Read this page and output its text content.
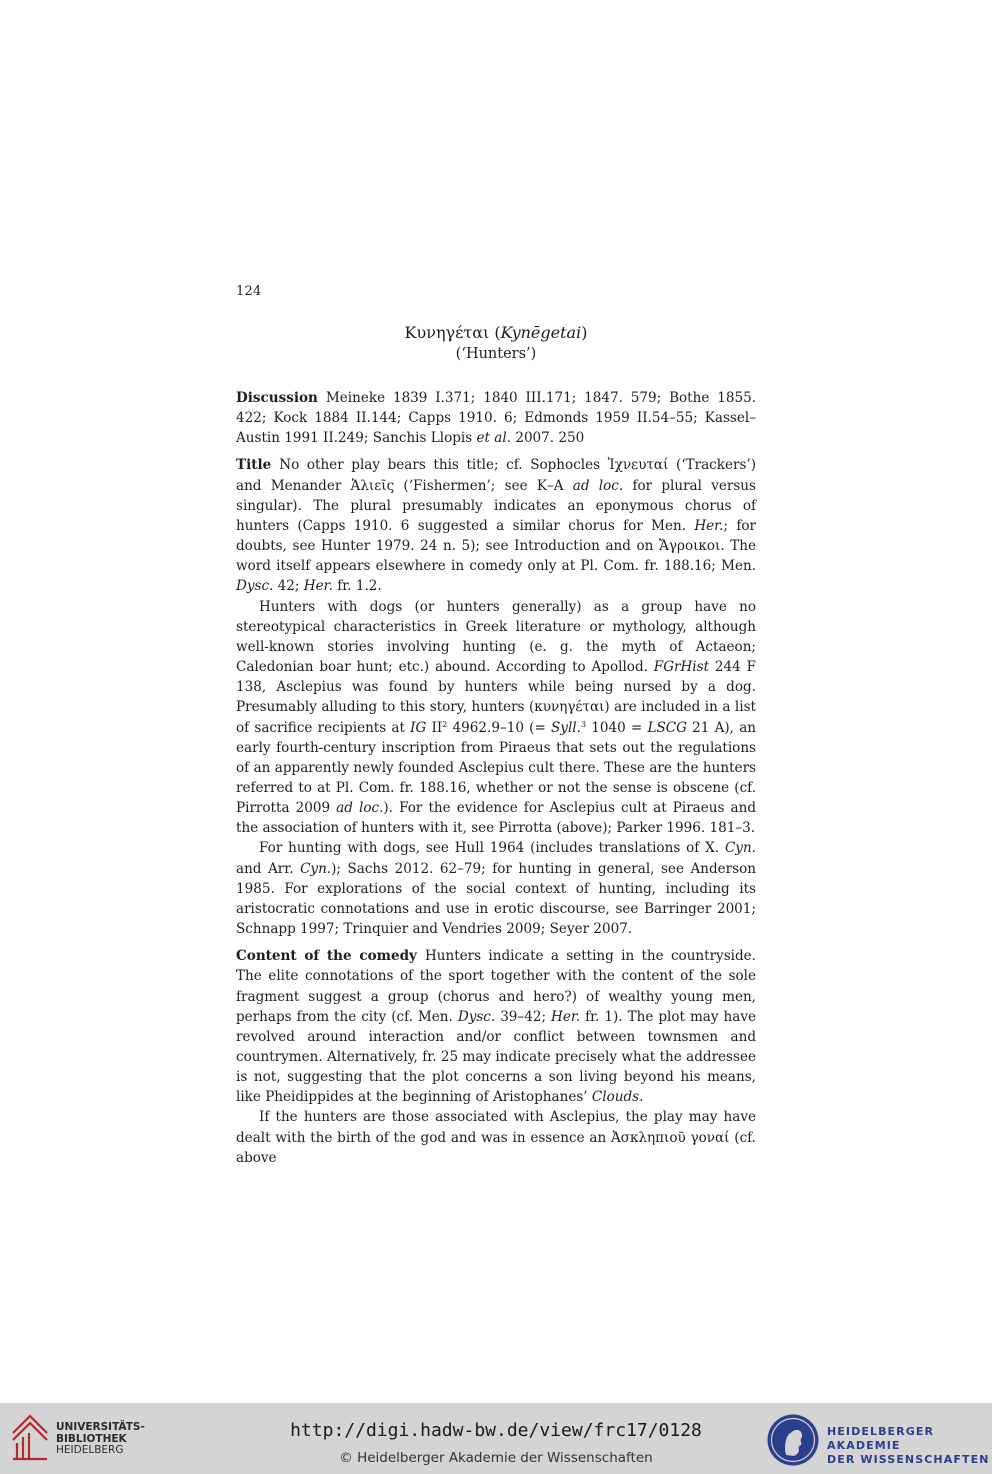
124
Κυνηγέται (Kynēgetai)
(‘Hunters’)

Discussion Meineke 1839 I.371; 1840 III.171; 1847. 579; Bothe 1855. 422; Kock 1884 II.144; Capps 1910. 6; Edmonds 1959 II.54–55; Kassel–Austin 1991 II.249; Sanchis Llopis et al. 2007. 250

Title No other play bears this title; cf. Sophocles Ἰχνευταί (‘Trackers’) and Menander Ἁλιεῖς (‘Fishermen’; see K–A ad loc. for plural versus singular). The plural presumably indicates an eponymous chorus of hunters (Capps 1910. 6 suggested a similar chorus for Men. Her.; for doubts, see Hunter 1979. 24 n. 5); see Introduction and on Ἄγροικοι. The word itself appears elsewhere in comedy only at Pl. Com. fr. 188.16; Men. Dysc. 42; Her. fr. 1.2.

Hunters with dogs (or hunters generally) as a group have no stereotypical characteristics in Greek literature or mythology, although well-known stories involving hunting (e. g. the myth of Actaeon; Caledonian boar hunt; etc.) abound. According to Apollod. FGrHist 244 F 138, Asclepius was found by hunters while being nursed by a dog. Presumably alluding to this story, hunters (κυνηγέται) are included in a list of sacrifice recipients at IG $II^2$ 4962.9–10 (= Syll.$^3$ 1040 = LSCG 21 A), an early fourth-century inscription from Piraeus that sets out the regulations of an apparently newly founded Asclepius cult there. These are the hunters referred to at Pl. Com. fr. 188.16, whether or not the sense is obscene (cf. Pirrotta 2009 ad loc.). For the evidence for Asclepius cult at Piraeus and the association of hunters with it, see Pirrotta (above); Parker 1996. 181–3.

For hunting with dogs, see Hull 1964 (includes translations of X. Cyn. and Arr. Cyn.); Sachs 2012. 62–79; for hunting in general, see Anderson 1985. For explorations of the social context of hunting, including its aristocratic connotations and use in erotic discourse, see Barringer 2001; Schnapp 1997; Trinquier and Vendries 2009; Seyer 2007.

Content of the comedy Hunters indicate a setting in the countryside. The elite connotations of the sport together with the content of the sole fragment suggest a group (chorus and hero?) of wealthy young men, perhaps from the city (cf. Men. Dysc. 39–42; Her. fr. 1). The plot may have revolved around interaction and/or conflict between townsmen and countrymen. Alternatively, fr. 25 may indicate precisely what the addressee is not, suggesting that the plot concerns a son living beyond his means, like Pheidippides at the beginning of Aristophanes’ Clouds.

If the hunters are those associated with Asclepius, the play may have dealt with the birth of the god and was in essence an Ἀσκληπιοῦ γοναί (cf. above

UNIVERSITÄTS-
BIBLIOTHEK
HEIDELBERG
http://digi.hadw-bw.de/view/frc17/0128
© Heidelberger Akademie der Wissenschaften
HEIDELBERGER AKADEMIE
DER WISSENSCHAFTEN
